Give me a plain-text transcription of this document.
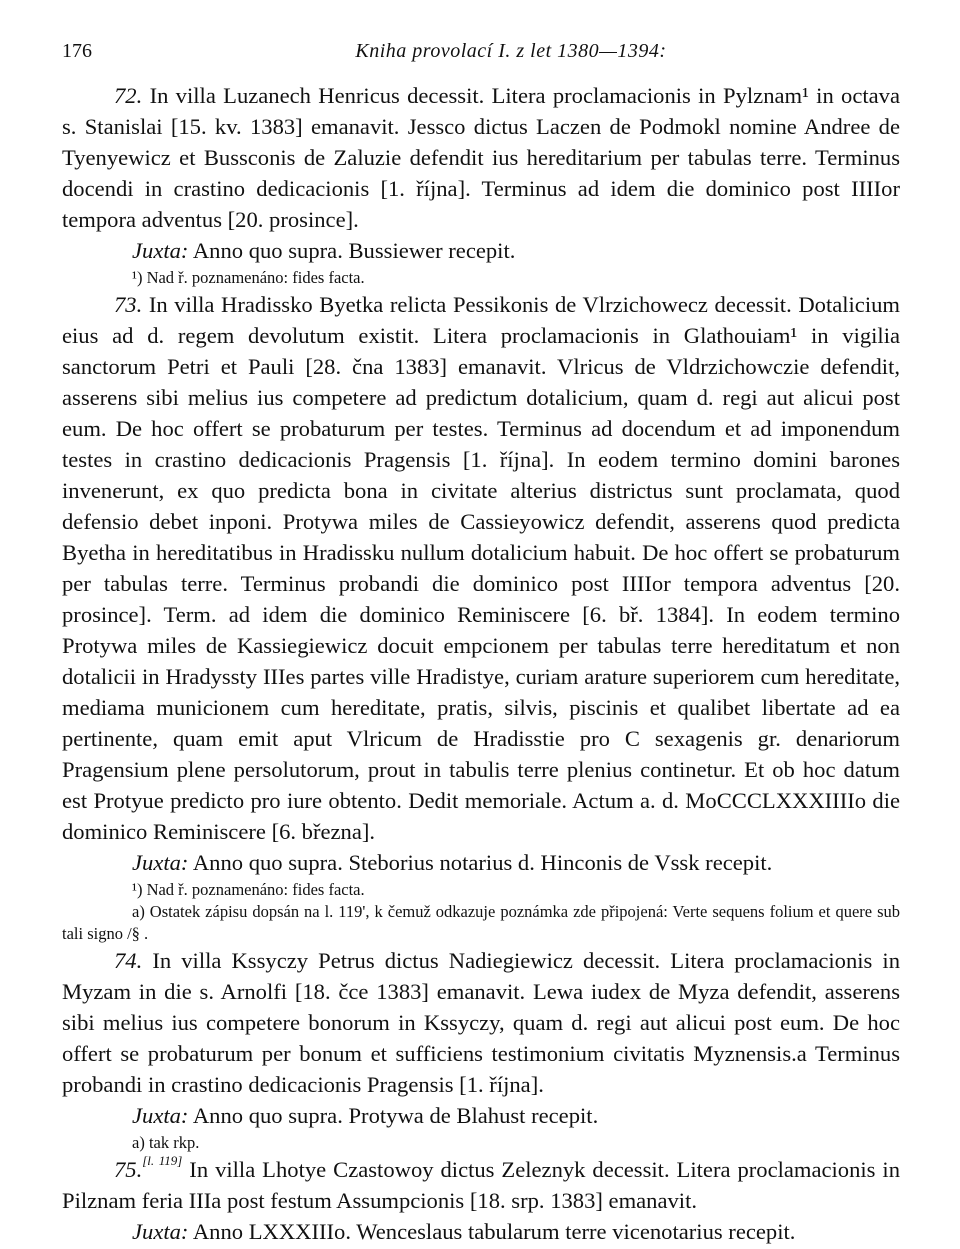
176	Kniha provolací I. z let 1380—1394:

72. In villa Luzanech Henricus decessit. Litera proclamacionis in Pylznam¹ in octava s. Stanislai [15. kv. 1383] emanavit. Jessco dictus Laczen de Podmokl nomine Andree de Tyenyewicz et Bussconis de Zaluzie defendit ius hereditarium per tabulas terre. Terminus docendi in crastino dedicacionis [1. října]. Terminus ad idem die dominico post IIIIor tempora adventus [20. prosince].

Juxta: Anno quo supra. Bussiewer recepit.

¹) Nad ř. poznamenáno: fides facta.

73. In villa Hradissko Byetka relicta Pessikonis de Vlrzichowecz decessit. Dotalicium eius ad d. regem devolutum existit. Litera proclamacionis in Glathouiam¹ in vigilia sanctorum Petri et Pauli [28. čna 1383] emanavit. Vlricus de Vldrzichowczie defendit, asserens sibi melius ius competere ad predictum dotalicium, quam d. regi aut alicui post eum. De hoc offert se probaturum per testes. Terminus ad docendum et ad imponendum testes in crastino dedicacionis Pragensis [1. října]. In eodem termino domini barones invenerunt, ex quo predicta bona in civitate alterius districtus sunt proclamata, quod defensio debet inponi. Protywa miles de Cassieyowicz defendit, asserens quod predicta Byetha in hereditatibus in Hradissku nullum dotalicium habuit. De hoc offert se probaturum per tabulas terre. Terminus probandi die dominico post IIIIor tempora adventus [20. prosince]. Term. ad idem die dominico Reminiscere [6. bř. 1384]. In eodem termino Protywa miles de Kassiegiewicz docuit empcionem per tabulas terre hereditatum et non dotalicii in Hradyssty IIIes partes ville Hradistye, curiam arature superiorem cum hereditate, mediama municionem cum hereditate, pratis, silvis, piscinis et qualibet libertate ad ea pertinente, quam emit aput Vlricum de Hradisstie pro C sexagenis gr. denariorum Pragensium plene persolutorum, prout in tabulis terre plenius continetur. Et ob hoc datum est Protyue predicto pro iure obtento. Dedit memoriale. Actum a. d. MoCCCLXXXIIIIo die dominico Reminiscere [6. března].

Juxta: Anno quo supra. Steborius notarius d. Hinconis de Vssk recepit.

¹) Nad ř. poznamenáno: fides facta.

a) Ostatek zápisu dopsán na l. 119', k čemuž odkazuje poznámka zde připojená: Verte sequens folium et quere sub tali signo /§ .

74. In villa Kssyczy Petrus dictus Nadiegiewicz decessit. Litera proclamacionis in Myzam in die s. Arnolfi [18. čce 1383] emanavit. Lewa iudex de Myza defendit, asserens sibi melius ius competere bonorum in Kssyczy, quam d. regi aut alicui post eum. De hoc offert se probaturum per bonum et sufficiens testimonium civitatis Myznensis.a Terminus probandi in crastino dedicacionis Pragensis [1. října].

Juxta: Anno quo supra. Protywa de Blahust recepit.

a) tak rkp.

75.[l. 119] In villa Lhotye Czastowoy dictus Zeleznyk decessit. Litera proclamacionis in Pilznam feria IIIa post festum Assumpcionis [18. srp. 1383] emanavit.

Juxta: Anno LXXXIIIo. Wenceslaus tabularum terre vicenotarius recepit.
